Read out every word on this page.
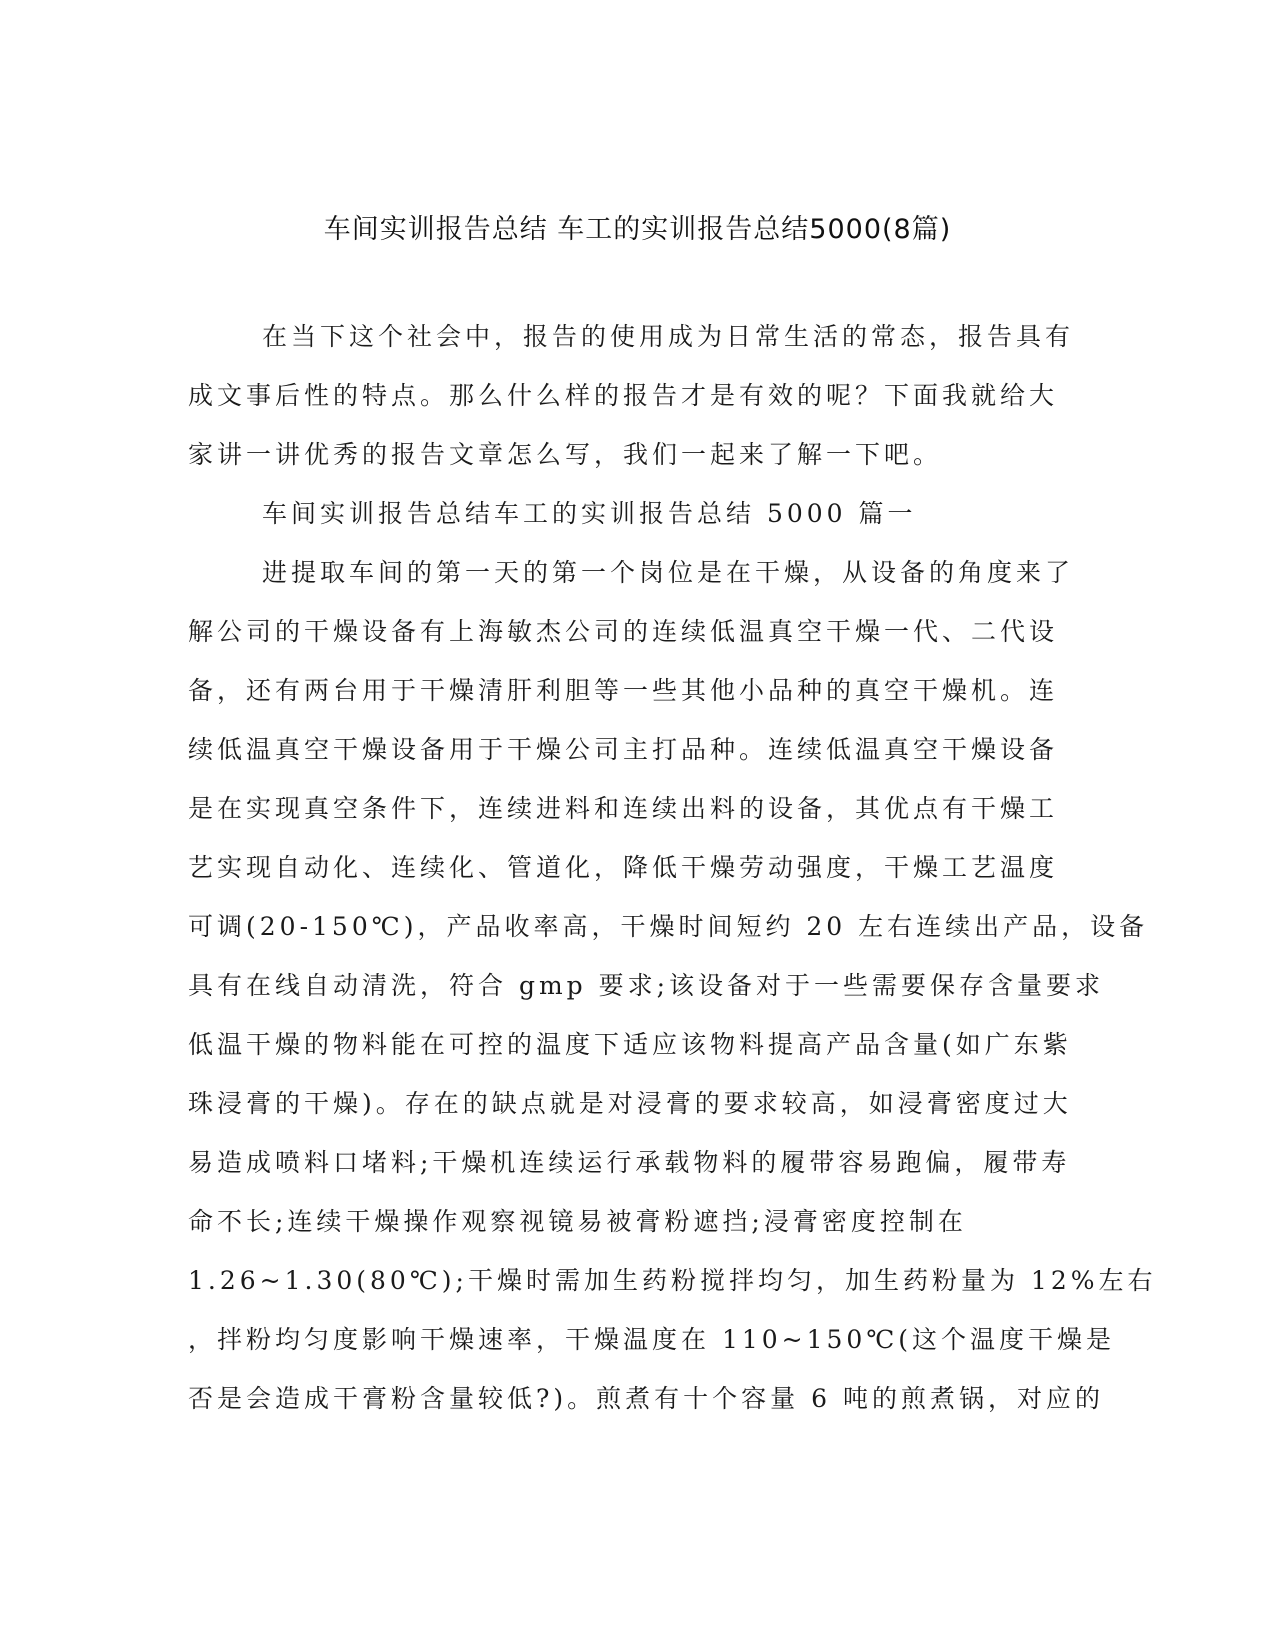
车间实训报告总结 车工的实训报告总结5000(8篇)
在当下这个社会中，报告的使用成为日常生活的常态，报告具有
成文事后性的特点。那么什么样的报告才是有效的呢？下面我就给大
家讲一讲优秀的报告文章怎么写，我们一起来了解一下吧。
车间实训报告总结车工的实训报告总结 5000 篇一
进提取车间的第一天的第一个岗位是在干燥，从设备的角度来了
解公司的干燥设备有上海敏杰公司的连续低温真空干燥一代、二代设
备，还有两台用于干燥清肝利胆等一些其他小品种的真空干燥机。连
续低温真空干燥设备用于干燥公司主打品种。连续低温真空干燥设备
是在实现真空条件下，连续进料和连续出料的设备，其优点有干燥工
艺实现自动化、连续化、管道化，降低干燥劳动强度，干燥工艺温度
可调(20-150℃)，产品收率高，干燥时间短约 20 左右连续出产品，设备
具有在线自动清洗，符合 gmp 要求;该设备对于一些需要保存含量要求
低温干燥的物料能在可控的温度下适应该物料提高产品含量(如广东紫
珠浸膏的干燥)。存在的缺点就是对浸膏的要求较高，如浸膏密度过大
易造成喷料口堵料;干燥机连续运行承载物料的履带容易跑偏，履带寿
命不长;连续干燥操作观察视镜易被膏粉遮挡;浸膏密度控制在
1.26~1.30(80℃);干燥时需加生药粉搅拌均匀，加生药粉量为 12%左右
，拌粉均匀度影响干燥速率，干燥温度在 110~150℃(这个温度干燥是
否是会造成干膏粉含量较低?)。煎煮有十个容量 6 吨的煎煮锅，对应的
